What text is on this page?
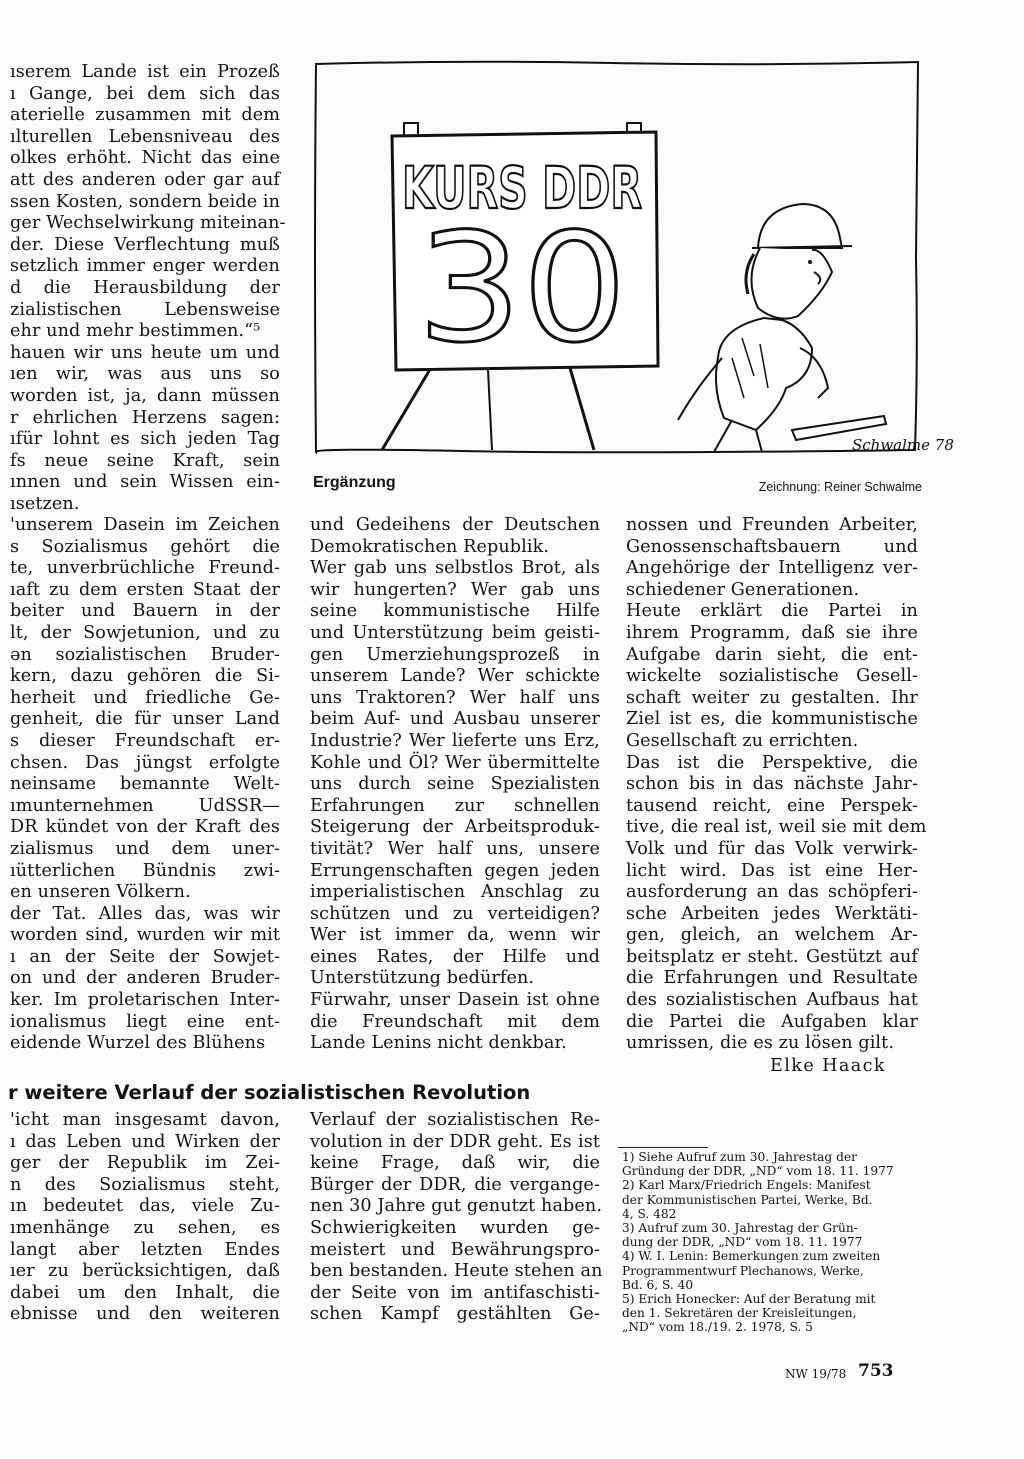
KURS DDR
30
Schwalme 78
Ergänzung	Zeichnung: Reiner Schwalme
ıserem Lande ist ein Prozeß
ı Gange, bei dem sich das
aterielle zusammen mit dem
ılturellen Lebensniveau des
olkes erhöht. Nicht das eine
att des anderen oder gar auf
ssen Kosten, sondern beide in
ger Wechselwirkung miteinan-
der. Diese Verflechtung muß
setzlich immer enger werden
d die Herausbildung der
zialistischen Lebensweise
ehr und mehr bestimmen.“⁵
hauen wir uns heute um und
ıen wir, was aus uns so
worden ist, ja, dann müssen
r ehrlichen Herzens sagen:
ıfür lohnt es sich jeden Tag
fs neue seine Kraft, sein
ınnen und sein Wissen ein-
ısetzen.
'unserem Dasein im Zeichen
s Sozialismus gehört die
te, unverbrüchliche Freund-
ıaft zu dem ersten Staat der
beiter und Bauern in der
lt, der Sowjetunion, und zu
ən sozialistischen Bruder-
kern, dazu gehören die Si-
herheit und friedliche Ge-
genheit, die für unser Land
s dieser Freundschaft er-
chsen. Das jüngst erfolgte
neinsame bemannte Welt-
ımunternehmen UdSSR—
DR kündet von der Kraft des
zialismus und dem uner-
ıütterlichen Bündnis zwi-
en unseren Völkern.
der Tat. Alles das, was wir
worden sind, wurden wir mit
ı an der Seite der Sowjet-
on und der anderen Bruder-
ker. Im proletarischen Inter-
ionalismus liegt eine ent-
eidende Wurzel des Blühens
und Gedeihens der Deutschen
Demokratischen Republik.
Wer gab uns selbstlos Brot, als
wir hungerten? Wer gab uns
seine kommunistische Hilfe
und Unterstützung beim geisti-
gen Umerziehungsprozeß in
unserem Lande? Wer schickte
uns Traktoren? Wer half uns
beim Auf- und Ausbau unserer
Industrie? Wer lieferte uns Erz,
Kohle und Öl? Wer übermittelte
uns durch seine Spezialisten
Erfahrungen zur schnellen
Steigerung der Arbeitsproduk-
tivität? Wer half uns, unsere
Errungenschaften gegen jeden
imperialistischen Anschlag zu
schützen und zu verteidigen?
Wer ist immer da, wenn wir
eines Rates, der Hilfe und
Unterstützung bedürfen.
Fürwahr, unser Dasein ist ohne
die Freundschaft mit dem
Lande Lenins nicht denkbar.
nossen und Freunden Arbeiter,
Genossenschaftsbauern und
Angehörige der Intelligenz ver-
schiedener Generationen.
Heute erklärt die Partei in
ihrem Programm, daß sie ihre
Aufgabe darin sieht, die ent-
wickelte sozialistische Gesell-
schaft weiter zu gestalten. Ihr
Ziel ist es, die kommunistische
Gesellschaft zu errichten.
Das ist die Perspektive, die
schon bis in das nächste Jahr-
tausend reicht, eine Perspek-
tive, die real ist, weil sie mit dem
Volk und für das Volk verwirk-
licht wird. Das ist eine Her-
ausforderung an das schöpferi-
sche Arbeiten jedes Werktäti-
gen, gleich, an welchem Ar-
beitsplatz er steht. Gestützt auf
die Erfahrungen und Resultate
des sozialistischen Aufbaus hat
die Partei die Aufgaben klar
umrissen, die es zu lösen gilt.
Elke Haack
r weitere Verlauf der sozialistischen Revolution
'icht man insgesamt davon,
ı das Leben und Wirken der
ger der Republik im Zei-
n des Sozialismus steht,
ın bedeutet das, viele Zu-
ımenhänge zu sehen, es
langt aber letzten Endes
ıer zu berücksichtigen, daß
dabei um den Inhalt, die
ebnisse und den weiteren
Verlauf der sozialistischen Re-
volution in der DDR geht. Es ist
keine Frage, daß wir, die
Bürger der DDR, die vergange-
nen 30 Jahre gut genutzt haben.
Schwierigkeiten wurden ge-
meistert und Bewährungspro-
ben bestanden. Heute stehen an
der Seite von im antifaschisti-
schen Kampf gestählten Ge-
1) Siehe Aufruf zum 30. Jahrestag der
Gründung der DDR, „ND“ vom 18. 11. 1977
2) Karl Marx/Friedrich Engels: Manifest
der Kommunistischen Partei, Werke, Bd.
4, S. 482
3) Aufruf zum 30. Jahrestag der Grün-
dung der DDR, „ND“ vom 18. 11. 1977
4) W. I. Lenin: Bemerkungen zum zweiten
Programmentwurf Plechanows, Werke,
Bd. 6, S. 40
5) Erich Honecker: Auf der Beratung mit
den 1. Sekretären der Kreisleitungen,
„ND“ vom 18./19. 2. 1978, S. 5
NW 19/78 753
